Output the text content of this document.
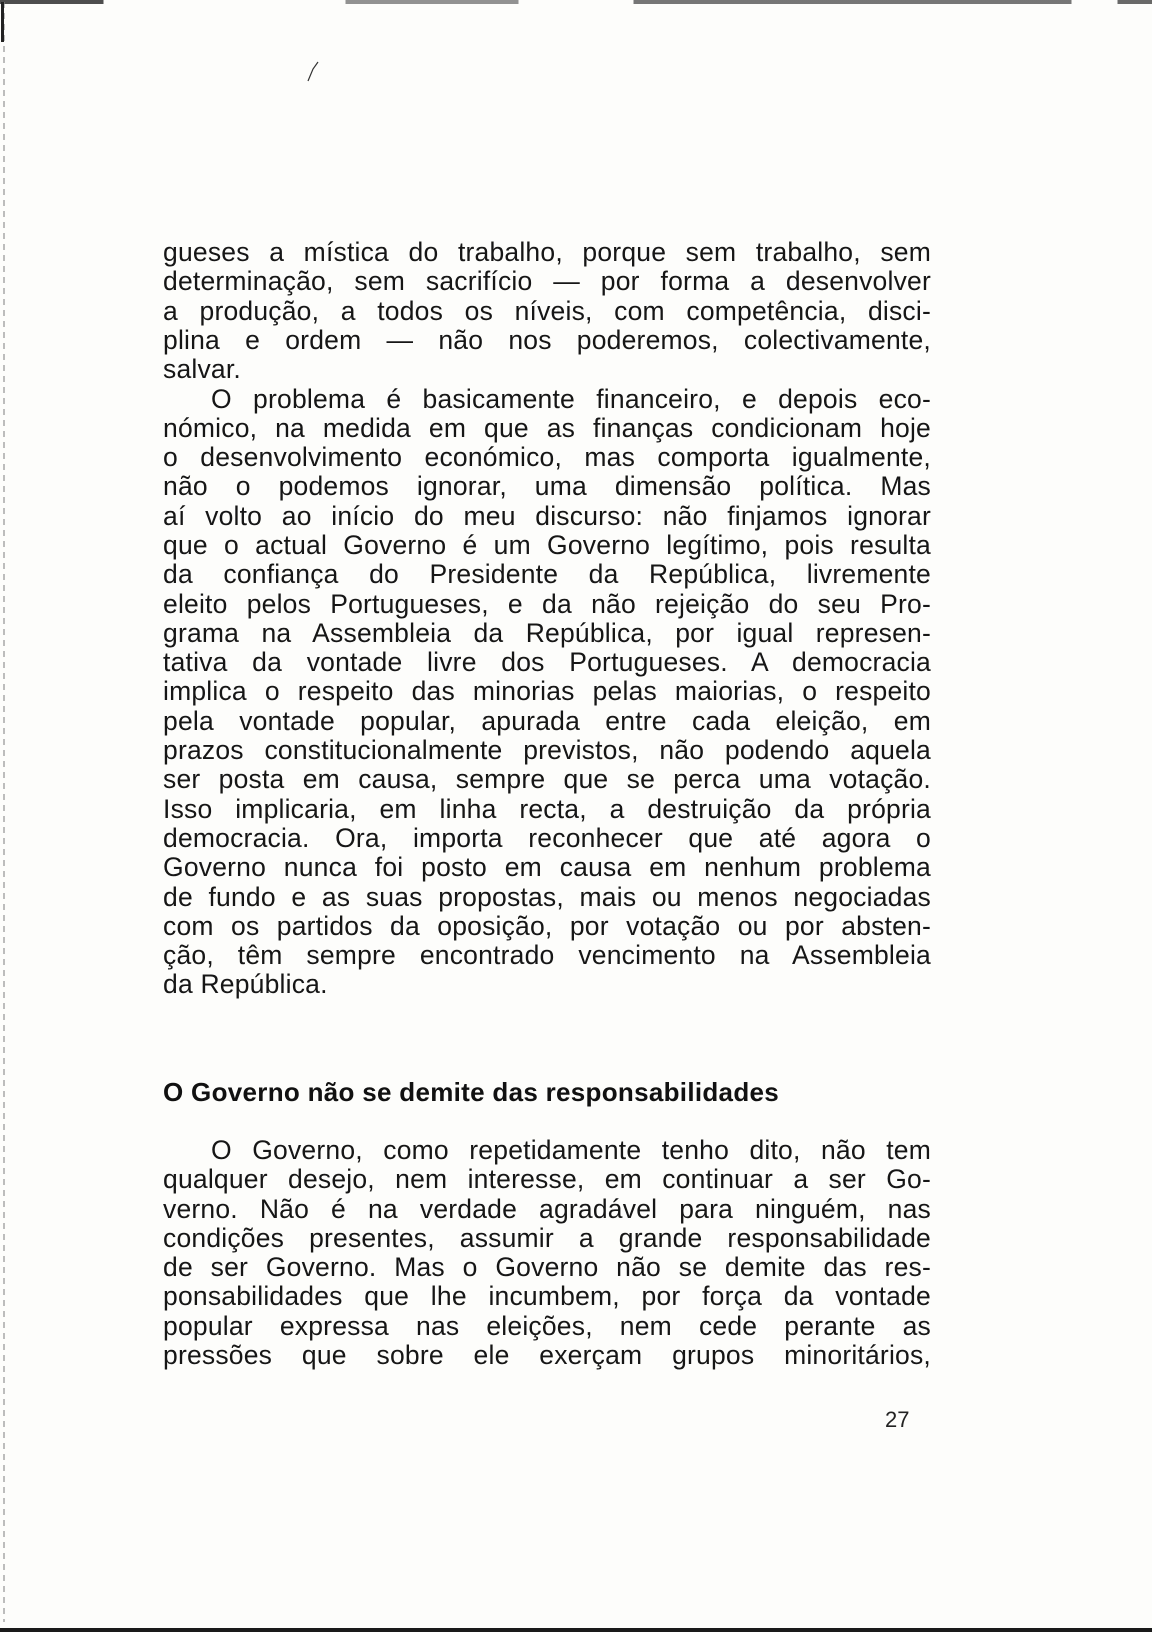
gueses a mística do trabalho, porque sem trabalho, sem
determinação, sem sacrifício — por forma a desenvolver
a produção, a todos os níveis, com competência, disci-
plina e ordem — não nos poderemos, colectivamente,
salvar.
O problema é basicamente financeiro, e depois eco-
nómico, na medida em que as finanças condicionam hoje
o desenvolvimento económico, mas comporta igualmente,
não o podemos ignorar, uma dimensão política. Mas
aí volto ao início do meu discurso: não finjamos ignorar
que o actual Governo é um Governo legítimo, pois resulta
da confiança do Presidente da República, livremente
eleito pelos Portugueses, e da não rejeição do seu Pro-
grama na Assembleia da República, por igual represen-
tativa da vontade livre dos Portugueses. A democracia
implica o respeito das minorias pelas maiorias, o respeito
pela vontade popular, apurada entre cada eleição, em
prazos constitucionalmente previstos, não podendo aquela
ser posta em causa, sempre que se perca uma votação.
Isso implicaria, em linha recta, a destruição da própria
democracia. Ora, importa reconhecer que até agora o
Governo nunca foi posto em causa em nenhum problema
de fundo e as suas propostas, mais ou menos negociadas
com os partidos da oposição, por votação ou por absten-
ção, têm sempre encontrado vencimento na Assembleia
da República.
O Governo não se demite das responsabilidades
O Governo, como repetidamente tenho dito, não tem
qualquer desejo, nem interesse, em continuar a ser Go-
verno. Não é na verdade agradável para ninguém, nas
condições presentes, assumir a grande responsabilidade
de ser Governo. Mas o Governo não se demite das res-
ponsabilidades que lhe incumbem, por força da vontade
popular expressa nas eleições, nem cede perante as
pressões que sobre ele exerçam grupos minoritários,
27
